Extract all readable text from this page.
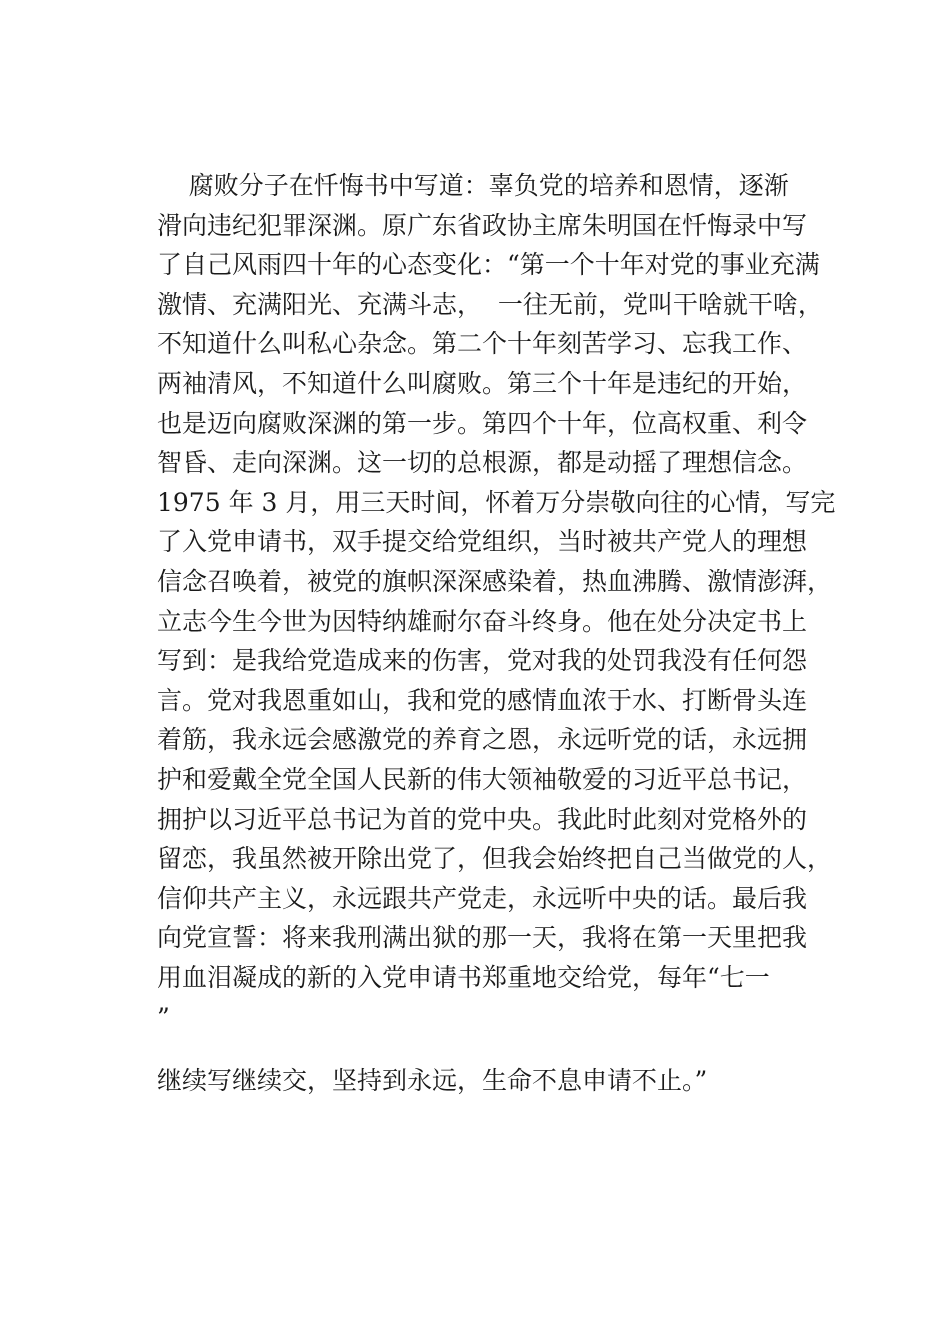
腐败分子在忏悔书中写道：辜负党的培养和恩情，逐渐
滑向违纪犯罪深渊。原广东省政协主席朱明国在忏悔录中写
了自己风雨四十年的心态变化：“第一个十年对党的事业充满
激情、充满阳光、充满斗志，  一往无前，党叫干啥就干啥，
不知道什么叫私心杂念。第二个十年刻苦学习、忘我工作、
两袖清风，不知道什么叫腐败。第三个十年是违纪的开始，
也是迈向腐败深渊的第一步。第四个十年，位高权重、利令
智昏、走向深渊。这一切的总根源，都是动摇了理想信念。
1975 年 3 月，用三天时间，怀着万分崇敬向往的心情，写完
了入党申请书，双手提交给党组织，当时被共产党人的理想
信念召唤着，被党的旗帜深深感染着，热血沸腾、激情澎湃，
立志今生今世为因特纳雄耐尔奋斗终身。他在处分决定书上
写到：是我给党造成来的伤害，党对我的处罚我没有任何怨
言。党对我恩重如山，我和党的感情血浓于水、打断骨头连
着筋，我永远会感激党的养育之恩，永远听党的话，永远拥
护和爱戴全党全国人民新的伟大领袖敬爱的习近平总书记，
拥护以习近平总书记为首的党中央。我此时此刻对党格外的
留恋，我虽然被开除出党了，但我会始终把自己当做党的人，
信仰共产主义，永远跟共产党走，永远听中央的话。最后我
向党宣誓：将来我刑满出狱的那一天，我将在第一天里把我
用血泪凝成的新的入党申请书郑重地交给党，每年“七一
”
继续写继续交，坚持到永远，生命不息申请不止。”
